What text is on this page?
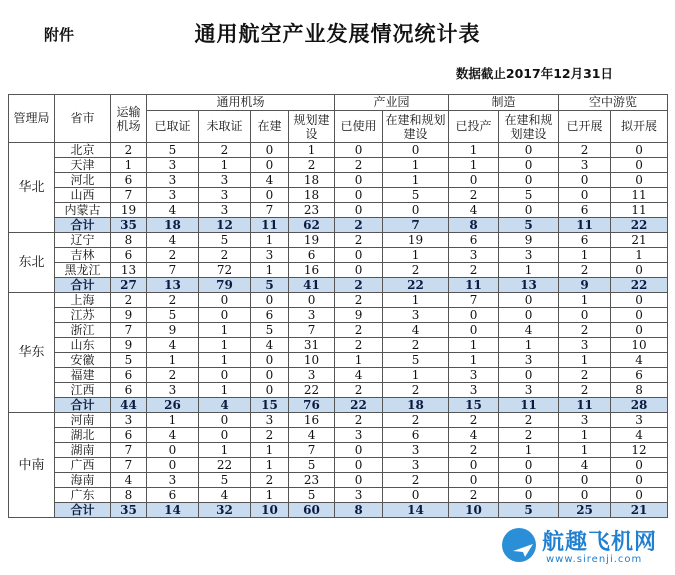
附件	通用航空产业发展情况统计表
数据截止2017年12月31日
管理局	省市	运输机场	通用机场				产业园		制造		空中游览	
			已取证	未取证	在建	规划建设	已使用	在建和规划建设	已投产	在建和规划建设	已开展	拟开展
华北	北京	2	5	2	0	1	0	0	1	0	2	0
	天津	1	3	1	0	2	2	1	1	0	3	0
	河北	6	3	3	4	18	0	1	0	0	0	0
	山西	7	3	3	0	18	0	5	2	5	0	11
	内蒙古	19	4	3	7	23	0	0	4	0	6	11
	合计	35	18	12	11	62	2	7	8	5	11	22
东北	辽宁	8	4	5	1	19	2	19	6	9	6	21
	吉林	6	2	2	3	6	0	1	3	3	1	1
	黑龙江	13	7	72	1	16	0	2	2	1	2	0
	合计	27	13	79	5	41	2	22	11	13	9	22
华东	上海	2	2	0	0	0	2	1	7	0	1	0
	江苏	9	5	0	6	3	9	3	0	0	0	0
	浙江	7	9	1	5	7	2	4	0	4	2	0
	山东	9	4	1	4	31	2	2	1	1	3	10
	安徽	5	1	1	0	10	1	5	1	3	1	4
	福建	6	2	0	0	3	4	1	3	0	2	6
	江西	6	3	1	0	22	2	2	3	3	2	8
	合计	44	26	4	15	76	22	18	15	11	11	28
中南	河南	3	1	0	3	16	2	2	2	2	3	3
	湖北	6	4	0	2	4	3	6	4	2	1	4
	湖南	7	0	1	1	7	0	3	2	1	1	12
	广西	7	0	22	1	5	0	3	0	0	4	0
	海南	4	3	5	2	23	0	2	0	0	0	0
	广东	8	6	4	1	5	3	0	2	0	0	0
	合计	35	14	32	10	60	8	14	10	5	25	21
航趣飞机网
www.sirenji.com
